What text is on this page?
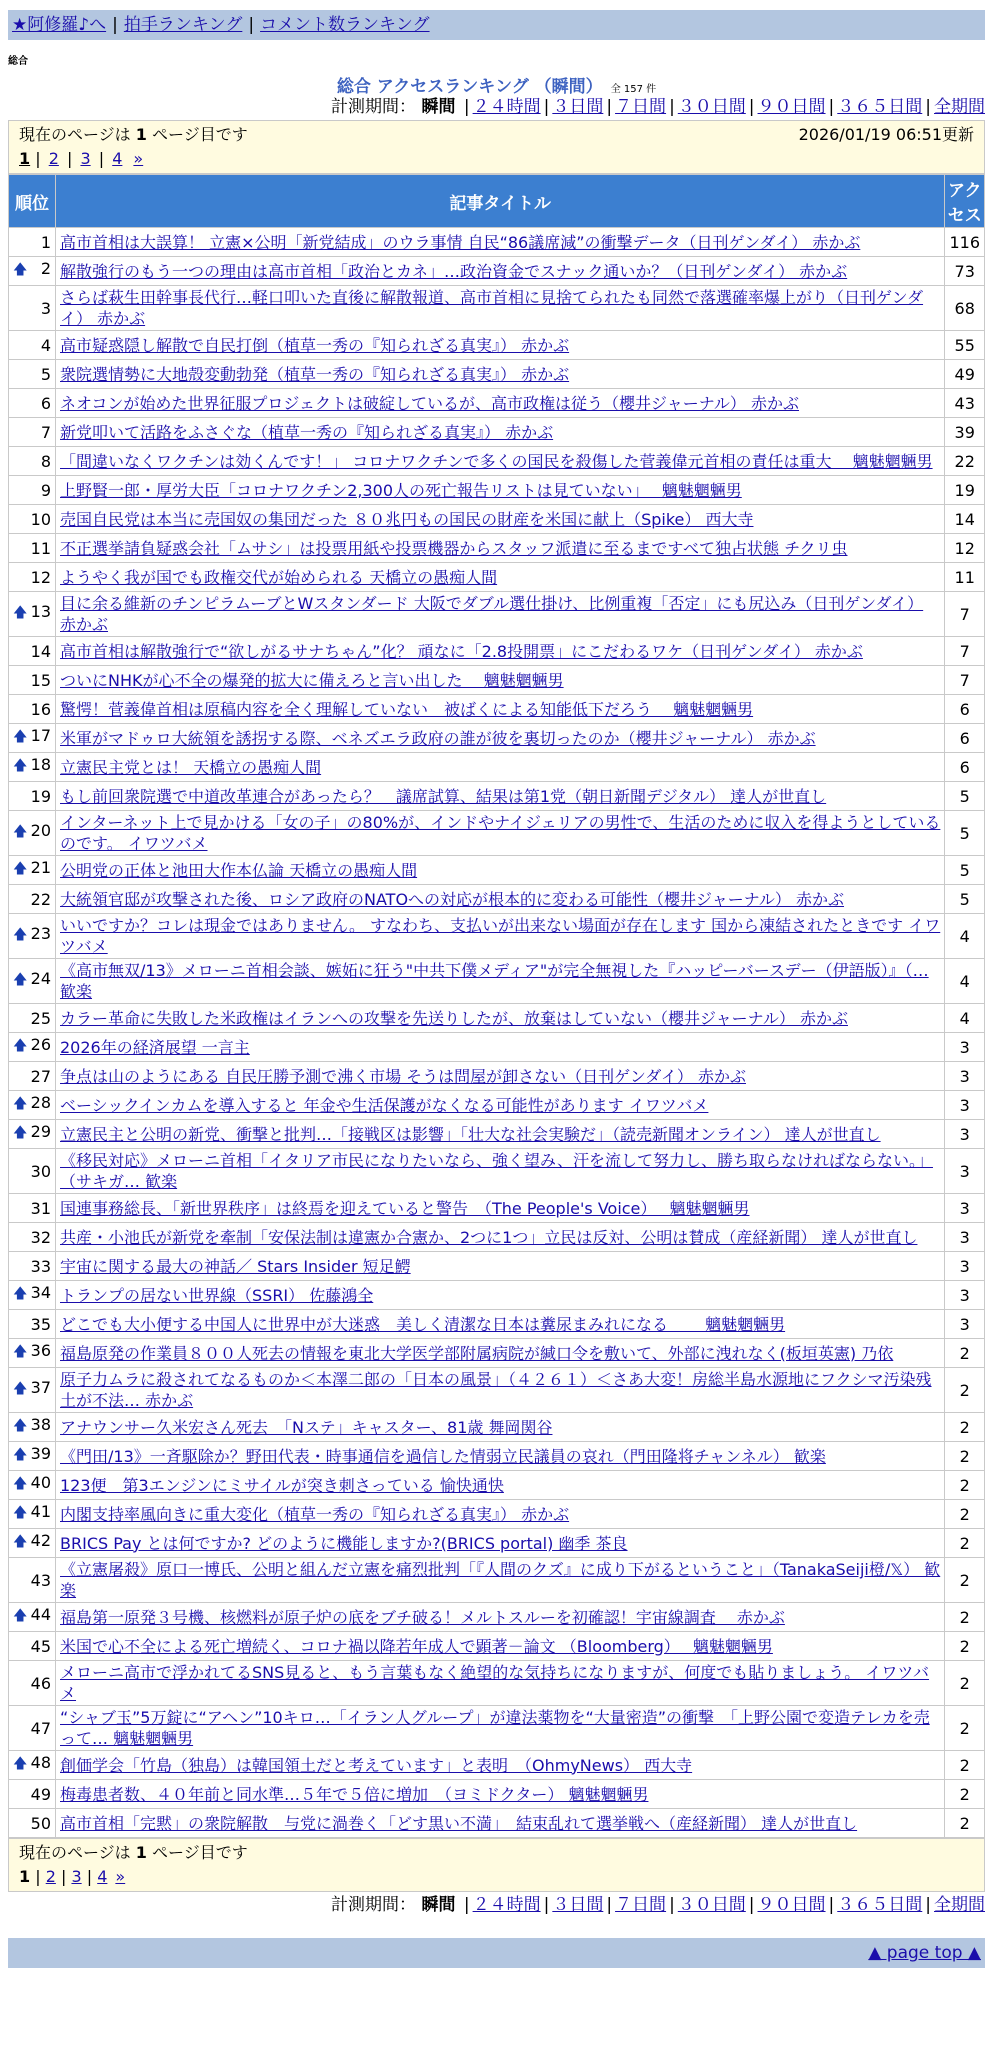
★阿修羅♪へ | 拍手ランキング | コメント数ランキング
総合
総合 アクセスランキング （瞬間） 全 157 件
計測期間： 瞬間 | ２４時間 | ３日間 | ７日間 | ３０日間 | ９０日間 | ３６５日間 | 全期間
現在のページは 1 ページ目です	2026/01/19 06:51更新
1 | 2 | 3 | 4 »
順位	記事タイトル	アクセス
1	高市首相は大誤算！ 立憲×公明「新党結成」のウラ事情 自民“86議席減”の衝撃データ（日刊ゲンダイ） 赤かぶ	116

🡅 2	解散強行のもう一つの理由は高市首相「政治とカネ」…政治資金でスナック通いか？（日刊ゲンダイ） 赤かぶ	73
3	さらば萩生田幹事長代行…軽口叩いた直後に解散報道、高市首相に見捨てられたも同然で落選確率爆上がり（日刊ゲンダイ） 赤かぶ	68
4	高市疑惑隠し解散で自民打倒（植草一秀の『知られざる真実』） 赤かぶ	55
5	衆院選情勢に大地殻変動勃発（植草一秀の『知られざる真実』） 赤かぶ	49
6	ネオコンが始めた世界征服プロジェクトは破綻しているが、高市政権は従う（櫻井ジャーナル） 赤かぶ	43
7	新党叩いて活路をふさぐな（植草一秀の『知られざる真実』） 赤かぶ	39
8	「間違いなくワクチンは効くんです！」 コロナワクチンで多くの国民を殺傷した菅義偉元首相の責任は重大　 魑魅魍魎男	22
9	上野賢一郎・厚労大臣「コロナワクチン2,300人の死亡報告リストは見ていない」　 魑魅魍魎男	19
10	売国自民党は本当に売国奴の集団だった ８０兆円もの国民の財産を米国に献上（Spike） 西大寺	14
11	不正選挙請負疑惑会社「ムサシ」は投票用紙や投票機器からスタッフ派遣に至るまですべて独占状態 チクリ虫	12
12	ようやく我が国でも政権交代が始められる 天橋立の愚痴人間	11

🡅 13	目に余る維新のチンピラムーブとWスタンダード 大阪でダブル選仕掛け、比例重複「否定」にも尻込み（日刊ゲンダイ） 赤かぶ	7
14	高市首相は解散強行で“欲しがるサナちゃん”化？ 頑なに「2.8投開票」にこだわるワケ（日刊ゲンダイ） 赤かぶ	7
15	ついにNHKが心不全の爆発的拡大に備えろと言い出した　 魑魅魍魎男	7
16	驚愕！菅義偉首相は原稿内容を全く理解していない　被ばくによる知能低下だろう　 魑魅魍魎男	6

🡅 17	米軍がマドゥロ大統領を誘拐する際、ベネズエラ政府の誰が彼を裏切ったのか（櫻井ジャーナル） 赤かぶ	6

🡅 18	立憲民主党とは！ 天橋立の愚痴人間	6
19	もし前回衆院選で中道改革連合があったら？　議席試算、結果は第1党（朝日新聞デジタル） 達人が世直し	5

🡅 20	インターネット上で見かける「女の子」の80%が、インドやナイジェリアの男性で、生活のために収入を得ようとしているのです。 イワツバメ	5

🡅 21	公明党の正体と池田大作本仏論 天橋立の愚痴人間	5
22	大統領官邸が攻撃された後、ロシア政府のNATOへの対応が根本的に変わる可能性（櫻井ジャーナル） 赤かぶ	5

🡅 23	いいですか？コレは現金ではありません。 すなわち、支払いが出来ない場面が存在します 国から凍結されたときです イワツバメ	4

🡅 24	《高市無双/13》メローニ首相会談、嫉妬に狂う"中共下僕メディア"が完全無視した『ハッピーバースデー（伊語版）』（… 歓楽	4
25	カラー革命に失敗した米政権はイランへの攻撃を先送りしたが、放棄はしていない（櫻井ジャーナル） 赤かぶ	4

🡅 26	2026年の経済展望 一言主	3
27	争点は山のようにある 自民圧勝予測で沸く市場 そうは問屋が卸さない（日刊ゲンダイ） 赤かぶ	3

🡅 28	ベーシックインカムを導入すると 年金や生活保護がなくなる可能性があります イワツバメ	3

🡅 29	立憲民主と公明の新党、衝撃と批判…「接戦区は影響」「壮大な社会実験だ」（読売新聞オンライン） 達人が世直し	3
30	《移民対応》メローニ首相「イタリア市民になりたいなら、強く望み、汗を流して努力し、勝ち取らなければならない。」（サキガ… 歓楽	3
31	国連事務総長、「新世界秩序」は終焉を迎えていると警告　（The People's Voice）　 魑魅魍魎男	3
32	共産・小池氏が新党を牽制「安保法制は違憲か合憲か、2つに1つ」立民は反対、公明は賛成（産経新聞） 達人が世直し	3
33	宇宙に関する最大の神話／ Stars Insider 短足鰐	3

🡅 34	トランプの居ない世界線（SSRI） 佐藤鴻全	3
35	どこでも大小便する中国人に世界中が大迷惑　美しく清潔な日本は糞尿まみれになる　　 魑魅魍魎男	3

🡅 36	福島原発の作業員８００人死去の情報を東北大学医学部附属病院が緘口令を敷いて、外部に洩れなく(板垣英憲) 乃依	2

🡅 37	原子力ムラに殺されてなるものか＜本澤二郎の「日本の風景」（４２６１）＜さあ大変！房総半島水源地にフクシマ汚染残土が不法… 赤かぶ	2

🡅 38	アナウンサー久米宏さん死去　「Nステ」キャスター、81歳 舞岡関谷	2

🡅 39	《門田/13》一斉駆除か？野田代表・時事通信を過信した情弱立民議員の哀れ（門田隆将チャンネル） 歓楽	2

🡅 40	123便　第3エンジンにミサイルが突き刺さっている 愉快通快	2

🡅 41	内閣支持率風向きに重大変化（植草一秀の『知られざる真実』） 赤かぶ	2

🡅 42	BRICS Pay とは何ですか? どのように機能しますか?(BRICS portal) 幽季 茶良	2
43	《立憲屠殺》原口一博氏、公明と組んだ立憲を痛烈批判「『人間のクズ』に成り下がるということ」（TanakaSeiji橙/𝕏） 歓楽	2

🡅 44	福島第一原発３号機、核燃料が原子炉の底をブチ破る！メルトスルーを初確認！宇宙線調査　 赤かぶ	2
45	米国で心不全による死亡増続く、コロナ禍以降若年成人で顕著－論文 （Bloomberg）　 魑魅魍魎男	2
46	メローニ高市で浮かれてるSNS見ると、もう言葉もなく絶望的な気持ちになりますが、何度でも貼りましょう。 イワツバメ	2
47	“シャブ玉”5万錠に“アヘン”10キロ…「イラン人グループ」が違法薬物を“大量密造”の衝撃　「上野公園で変造テレカを売って… 魑魅魍魎男	2

🡅 48	創価学会「竹島（独島）は韓国領土だと考えています」と表明　（OhmyNews） 西大寺	2
49	梅毒患者数、４０年前と同水準…５年で５倍に増加　（ヨミドクター） 魑魅魍魎男	2
50	高市首相「完黙」の衆院解散　与党に渦巻く「どす黒い不満」　結束乱れて選挙戦へ（産経新聞） 達人が世直し	2
現在のページは 1 ページ目です
1 | 2 | 3 | 4 »
計測期間： 瞬間 | ２４時間 | ３日間 | ７日間 | ３０日間 | ９０日間 | ３６５日間 | 全期間
▲ page top ▲
